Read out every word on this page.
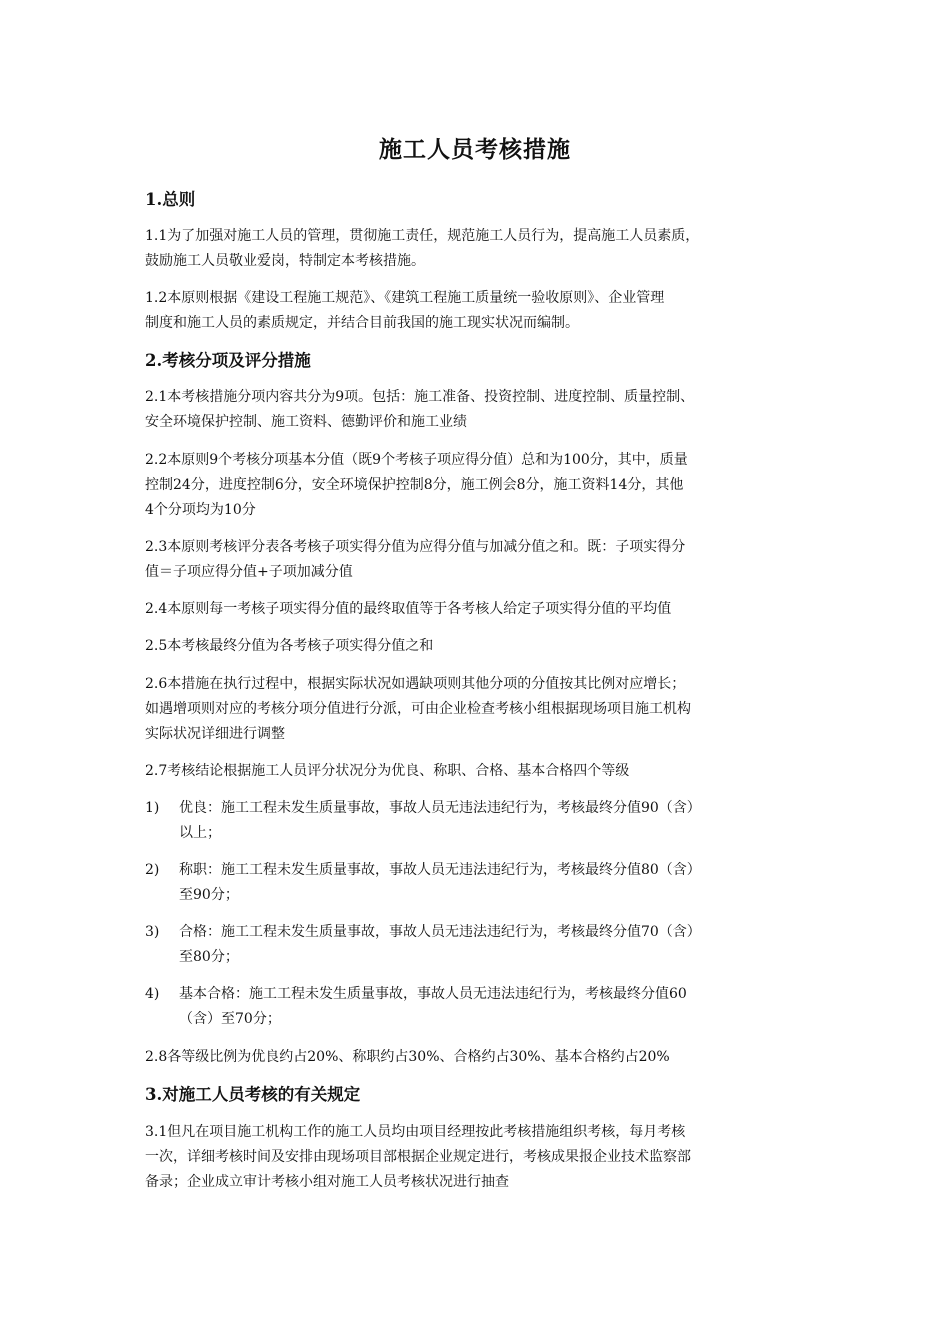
施工人员考核措施
1.总则
1.1为了加强对施工人员的管理，贯彻施工责任，规范施工人员行为，提高施工人员素质，
鼓励施工人员敬业爱岗，特制定本考核措施。
1.2本原则根据《建设工程施工规范》、《建筑工程施工质量统一验收原则》、企业管理
制度和施工人员的素质规定，并结合目前我国的施工现实状况而编制。
2.考核分项及评分措施
2.1本考核措施分项内容共分为9项。包括：施工准备、投资控制、进度控制、质量控制、
安全环境保护控制、施工资料、德勤评价和施工业绩
2.2本原则9个考核分项基本分值（既9个考核子项应得分值）总和为100分，其中，质量
控制24分，进度控制6分，安全环境保护控制8分，施工例会8分，施工资料14分，其他
4个分项均为10分
2.3本原则考核评分表各考核子项实得分值为应得分值与加减分值之和。既：子项实得分
值＝子项应得分值+子项加减分值
2.4本原则每一考核子项实得分值的最终取值等于各考核人给定子项实得分值的平均值
2.5本考核最终分值为各考核子项实得分值之和
2.6本措施在执行过程中，根据实际状况如遇缺项则其他分项的分值按其比例对应增长；
如遇增项则对应的考核分项分值进行分派，可由企业检查考核小组根据现场项目施工机构
实际状况详细进行调整
2.7考核结论根据施工人员评分状况分为优良、称职、合格、基本合格四个等级
1) 优良：施工工程未发生质量事故，事故人员无违法违纪行为，考核最终分值90（含）
以上；
2) 称职：施工工程未发生质量事故，事故人员无违法违纪行为，考核最终分值80（含）
至90分；
3) 合格：施工工程未发生质量事故，事故人员无违法违纪行为，考核最终分值70（含）
至80分；
4) 基本合格：施工工程未发生质量事故，事故人员无违法违纪行为，考核最终分值60
（含）至70分；
2.8各等级比例为优良约占20%、称职约占30%、合格约占30%、基本合格约占20%
3.对施工人员考核的有关规定
3.1但凡在项目施工机构工作的施工人员均由项目经理按此考核措施组织考核，每月考核
一次，详细考核时间及安排由现场项目部根据企业规定进行，考核成果报企业技术监察部
备录；企业成立审计考核小组对施工人员考核状况进行抽查
